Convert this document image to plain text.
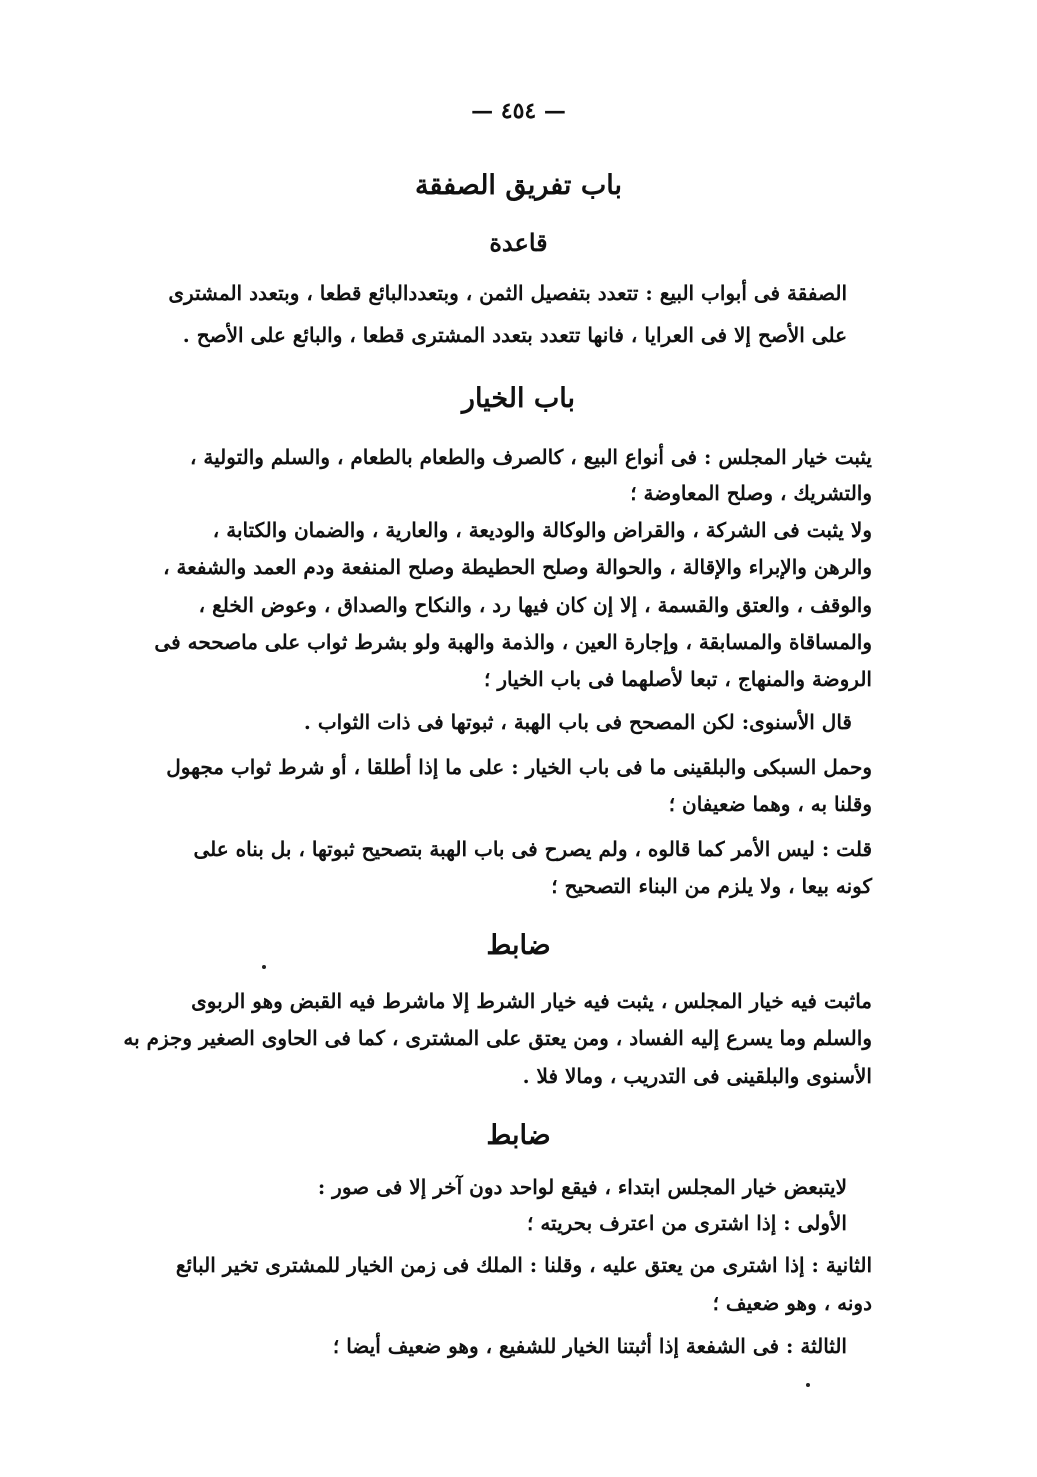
— ٤٥٤ —
باب تفريق الصفقة
قاعدة
الصفقة فى أبواب البيع : تتعدد بتفصيل الثمن ، وبتعددالبائع قطعا ، وبتعدد المشترى
على الأصح إلا فى العرايا ، فانها تتعدد بتعدد المشترى قطعا ، والبائع على الأصح .
باب الخيار
يثبت خيار المجلس : فى أنواع البيع ، كالصرف والطعام بالطعام ، والسلم والتولية ،
والتشريك ، وصلح المعاوضة ؛
ولا يثبت فى الشركة ، والقراض والوكالة والوديعة ، والعارية ، والضمان والكتابة ،
والرهن والإبراء والإقالة ، والحوالة وصلح الحطيطة وصلح المنفعة ودم العمد والشفعة ،
والوقف ، والعتق والقسمة ، إلا إن كان فيها رد ، والنكاح والصداق ، وعوض الخلع ،
والمساقاة والمسابقة ، وإجارة العين ، والذمة والهبة ولو بشرط ثواب على ماصححه فى
الروضة والمنهاج ، تبعا لأصلهما فى باب الخيار ؛
قال الأسنوى: لكن المصحح فى باب الهبة ، ثبوتها فى ذات الثواب .
وحمل السبكى والبلقينى ما فى باب الخيار : على ما إذا أطلقا ، أو شرط ثواب مجهول
وقلنا به ، وهما ضعيفان ؛
قلت : ليس الأمر كما قالوه ، ولم يصرح فى باب الهبة بتصحيح ثبوتها ، بل بناه على
كونه بيعا ، ولا يلزم من البناء التصحيح ؛
ضابط
ماثبت فيه خيار المجلس ، يثبت فيه خيار الشرط إلا ماشرط فيه القبض وهو الربوى
والسلم وما يسرع إليه الفساد ، ومن يعتق على المشترى ، كما فى الحاوى الصغير وجزم به
الأسنوى والبلقينى فى التدريب ، ومالا فلا .
ضابط
لايتبعض خيار المجلس ابتداء ، فيقع لواحد دون آخر إلا فى صور :
الأولى : إذا اشترى من اعترف بحريته ؛
الثانية : إذا اشترى من يعتق عليه ، وقلنا : الملك فى زمن الخيار للمشترى تخير البائع
دونه ، وهو ضعيف ؛
الثالثة : فى الشفعة إذا أثبتنا الخيار للشفيع ، وهو ضعيف أيضا ؛
